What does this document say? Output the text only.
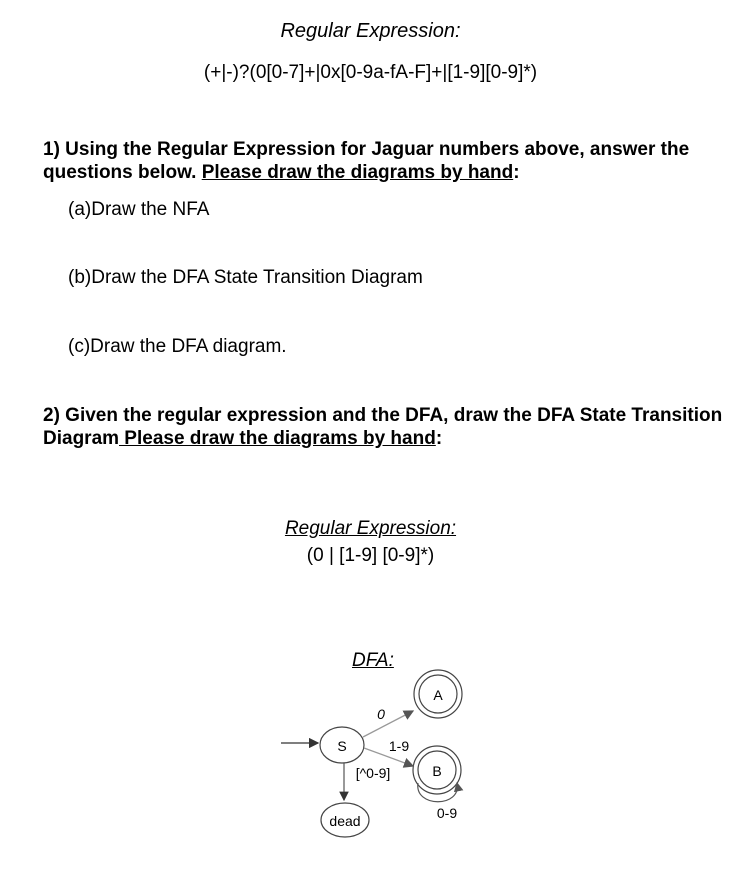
Regular Expression:
(+|-)?(0[0-7]+|0x[0-9a-fA-F]+|[1-9][0-9]*)
1) Using the Regular Expression for Jaguar numbers above, answer the questions below. Please draw the diagrams by hand:
(a)Draw the NFA
(b)Draw the DFA State Transition Diagram
(c)Draw the DFA diagram.
2) Given the regular expression and the DFA, draw the DFA State Transition Diagram Please draw the diagrams by hand:
Regular Expression:
(0 | [1-9] [0-9]*)
DFA:
S
A
B
0-9
dead
0
1-9
[^0-9]
